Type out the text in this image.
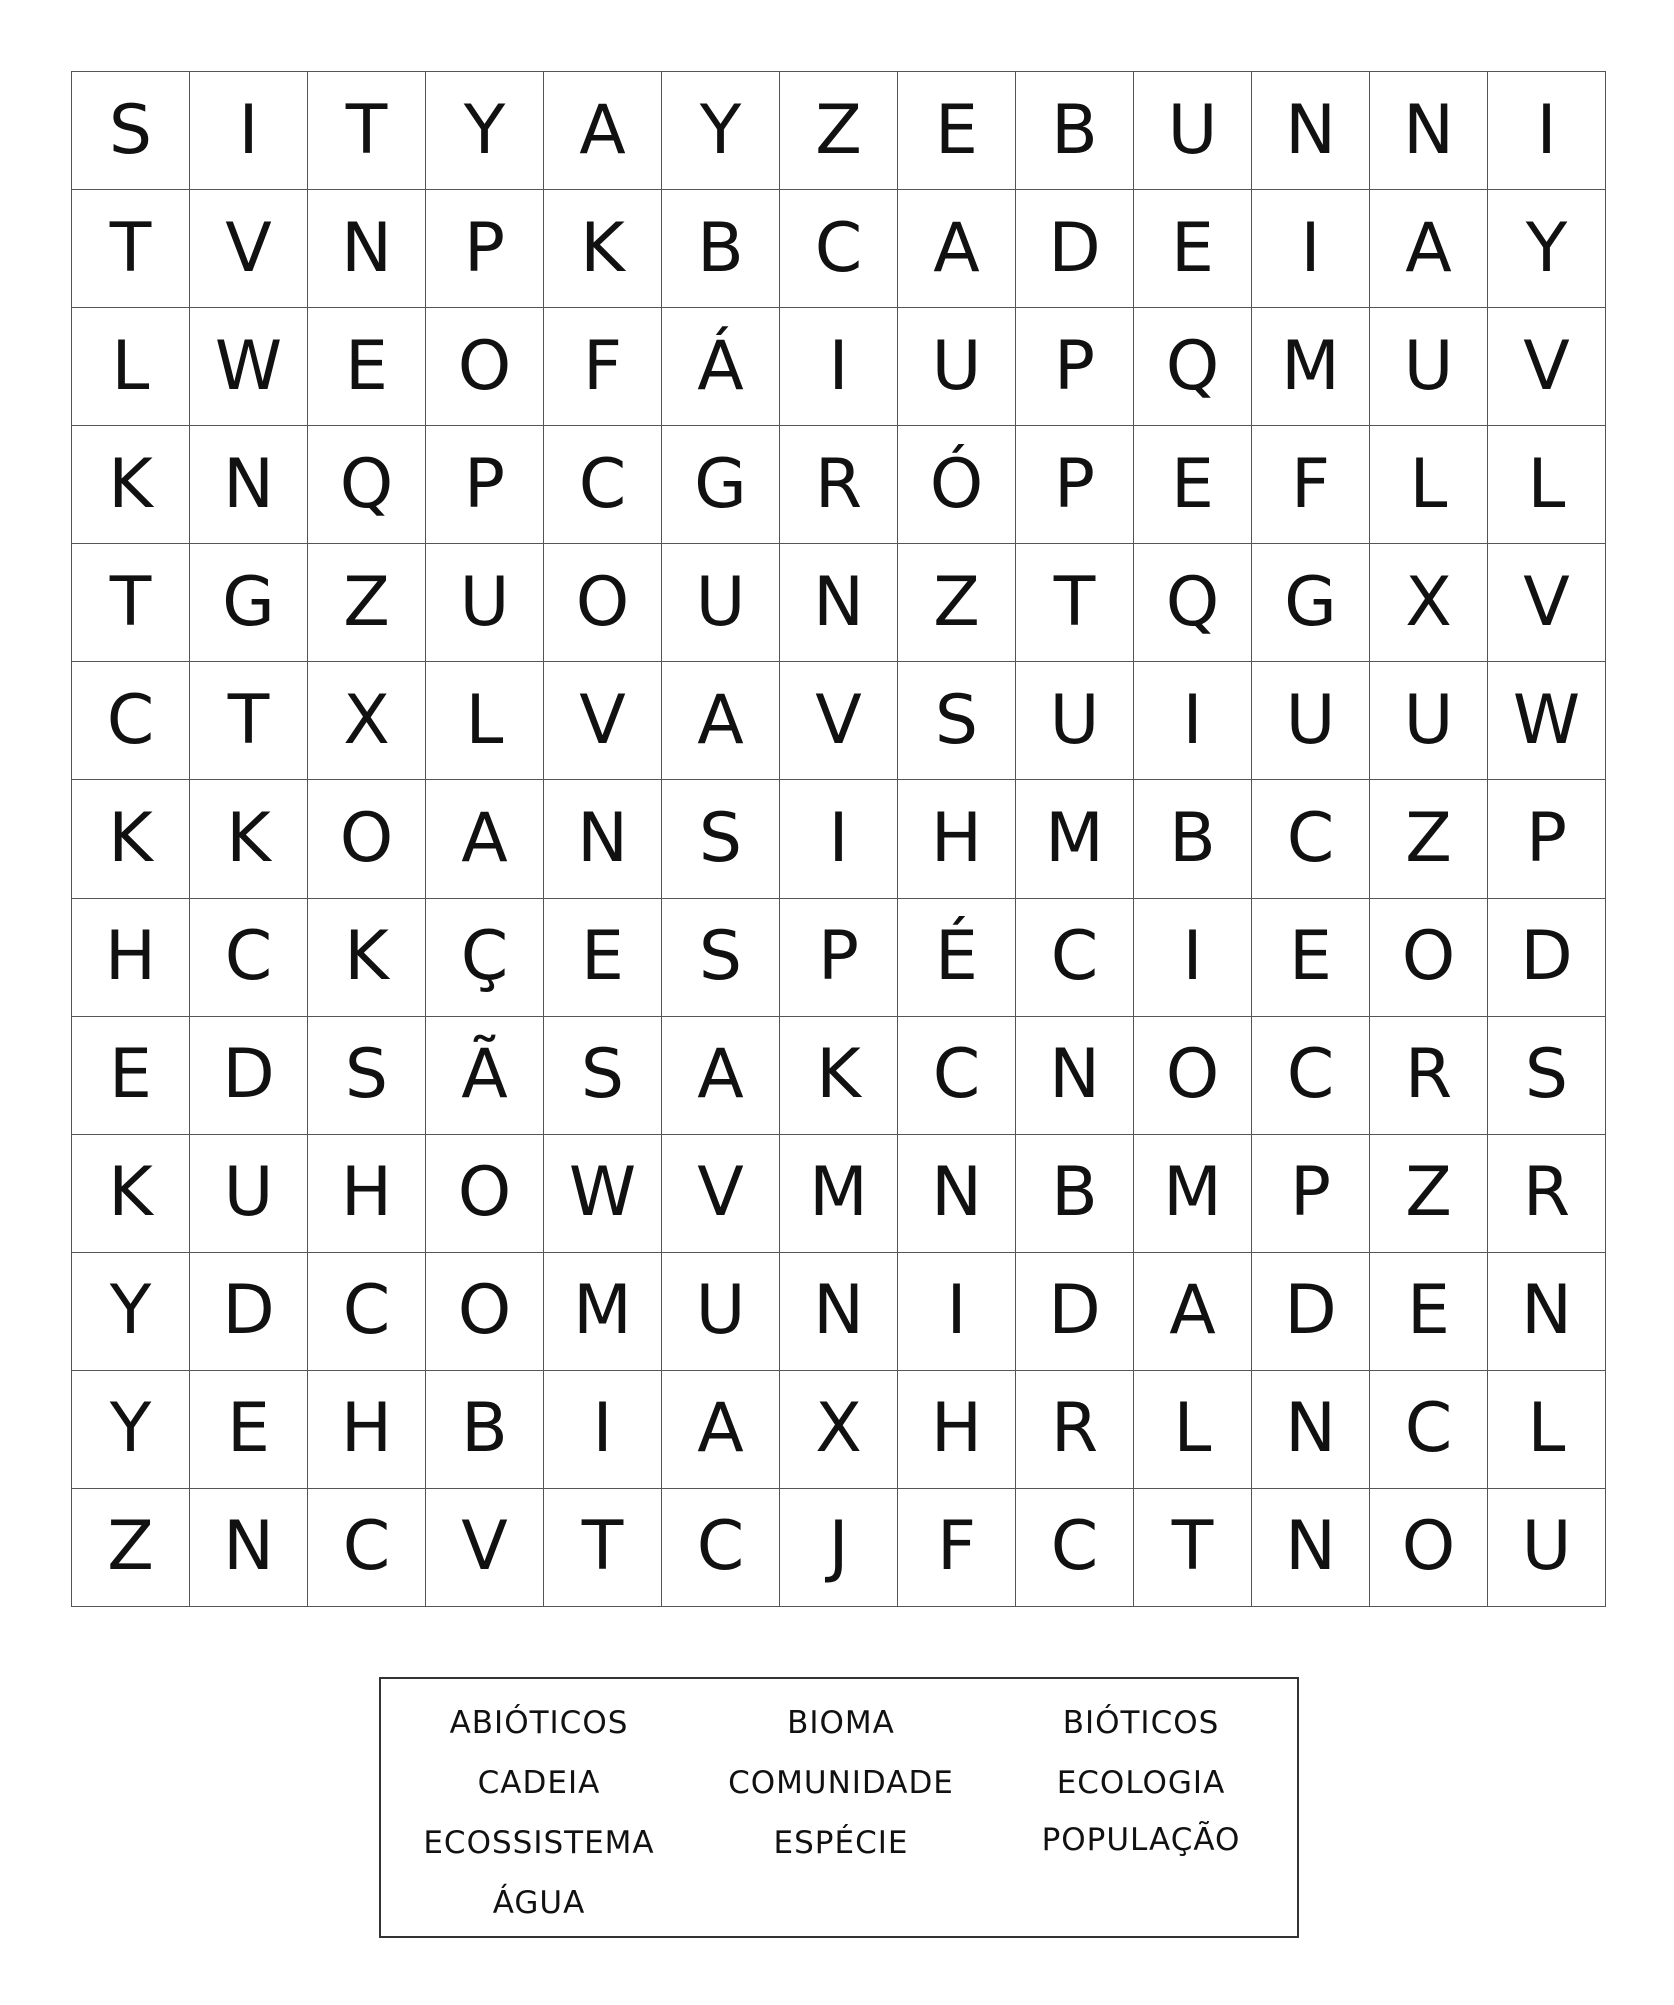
S	I	T	Y	A	Y	Z	E	B	U N N	I
T	V	N	P	K	B	C	A	D	E	I	A	Y
L W E	O	F	Á	I	U	P	Q M U	V
K	N Q	P	C G	R Ó	P	E	F	L	L
T	G	Z	U O U N	Z	T	Q G	X	V
C	T	X	L	V	A	V	S	U	I	U	U W
K	K	O A	N	S	I	H M B	C	Z	P
H	C	K	Ç	E	S	P	É	C	I	E	O D
E	D	S	Ã	S	A	K	C	N O C	R	S
K	U H O W V M N	B M	P	Z	R
Y	D	C O M U N	I	D	A	D	E	N
Y	E	H	B	I	A	X	H	R	L	N	C	L
Z	N	C	V	T	C	J	F	C	T	N O U
ABIÓTICOS
CADEIA
ECOSSISTEMA
ÁGUA
BIOMA
COMUNIDADE
ESPÉCIE
BIÓTICOS
ECOLOGIA
POPULAÇÃO
